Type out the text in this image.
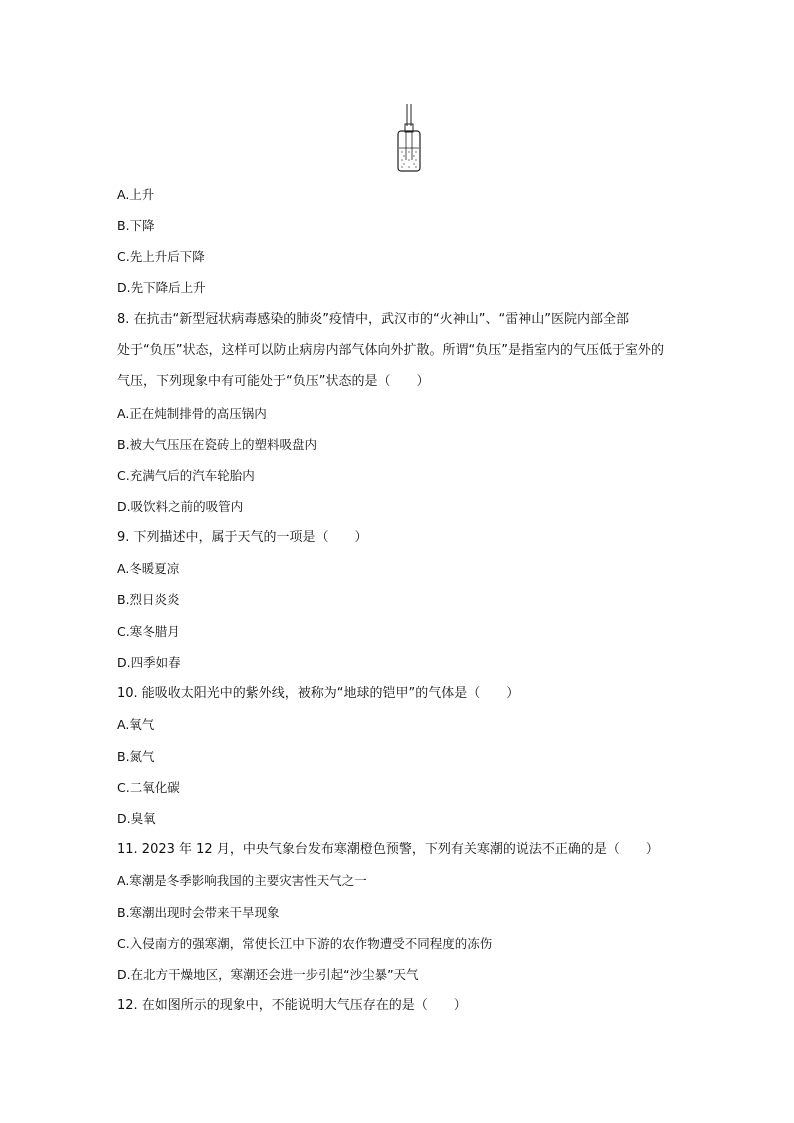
A.上升
B.下降
C.先上升后下降
D.先下降后上升
8. 在抗击“新型冠状病毒感染的肺炎”疫情中，武汉市的“火神山”、“雷神山”医院内部全部
处于“负压”状态，这样可以防止病房内部气体向外扩散。所谓“负压”是指室内的气压低于室外的
气压，下列现象中有可能处于“负压”状态的是（　　）
A.正在炖制排骨的高压锅内
B.被大气压压在瓷砖上的塑料吸盘内
C.充满气后的汽车轮胎内
D.吸饮料之前的吸管内
9. 下列描述中，属于天气的一项是（　　）
A.冬暖夏凉
B.烈日炎炎
C.寒冬腊月
D.四季如春
10. 能吸收太阳光中的紫外线，被称为“地球的铠甲”的气体是（　　）
A.氧气
B.氮气
C.二氧化碳
D.臭氧
11. 2023 年 12 月，中央气象台发布寒潮橙色预警，下列有关寒潮的说法不正确的是（　　）
A.寒潮是冬季影响我国的主要灾害性天气之一
B.寒潮出现时会带来干旱现象
C.入侵南方的强寒潮，常使长江中下游的农作物遭受不同程度的冻伤
D.在北方干燥地区，寒潮还会进一步引起“沙尘暴”天气
12. 在如图所示的现象中，不能说明大气压存在的是（　　）
